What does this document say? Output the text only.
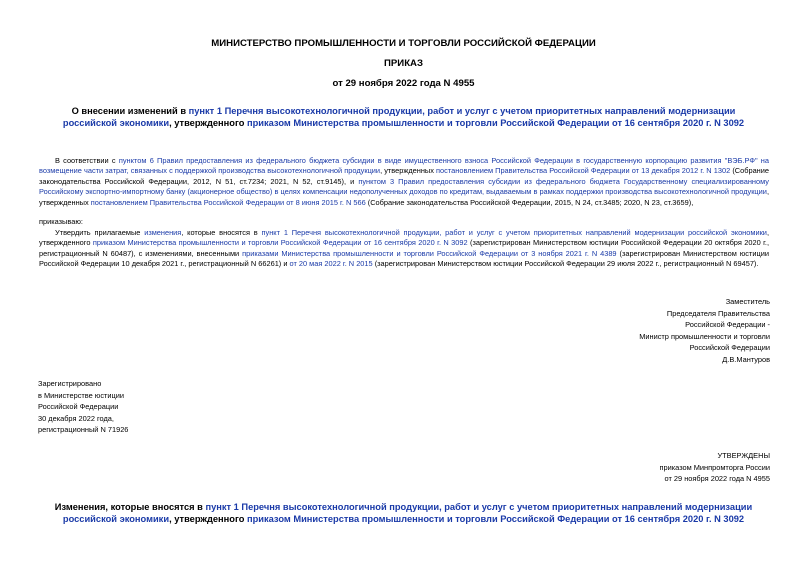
МИНИСТЕРСТВО ПРОМЫШЛЕННОСТИ И ТОРГОВЛИ РОССИЙСКОЙ ФЕДЕРАЦИИ
ПРИКАЗ
от 29 ноября 2022 года N 4955
О внесении изменений в пункт 1 Перечня высокотехнологичной продукции, работ и услуг с учетом приоритетных направлений модернизации российской экономики, утвержденного приказом Министерства промышленности и торговли Российской Федерации от 16 сентября 2020 г. N 3092
В соответствии с пунктом 6 Правил предоставления из федерального бюджета субсидии в виде имущественного взноса Российской Федерации в государственную корпорацию развития "ВЭБ.РФ" на возмещение части затрат, связанных с поддержкой производства высокотехнологичной продукции, утвержденных постановлением Правительства Российской Федерации от 13 декабря 2012 г. N 1302 (Собрание законодательства Российской Федерации, 2012, N 51, ст.7234; 2021, N 52, ст.9145), и пунктом 3 Правил предоставления субсидии из федерального бюджета Государственному специализированному Российскому экспортно-импортному банку (акционерное общество) в целях компенсации недополученных доходов по кредитам, выдаваемым в рамках поддержки производства высокотехнологичной продукции, утвержденных постановлением Правительства Российской Федерации от 8 июня 2015 г. N 566 (Собрание законодательства Российской Федерации, 2015, N 24, ст.3485; 2020, N 23, ст.3659),
приказываю:
Утвердить прилагаемые изменения, которые вносятся в пункт 1 Перечня высокотехнологичной продукции, работ и услуг с учетом приоритетных направлений модернизации российской экономики, утвержденного приказом Министерства промышленности и торговли Российской Федерации от 16 сентября 2020 г. N 3092 (зарегистрирован Министерством юстиции Российской Федерации 20 октября 2020 г., регистрационный N 60487), с изменениями, внесенными приказами Министерства промышленности и торговли Российской Федерации от 3 ноября 2021 г. N 4389 (зарегистрирован Министерством юстиции Российской Федерации 10 декабря 2021 г., регистрационный N 66261) и от 20 мая 2022 г. N 2015 (зарегистрирован Министерством юстиции Российской Федерации 29 июля 2022 г., регистрационный N 69457).
Заместитель
Председателя Правительства
Российской Федерации -
Министр промышленности и торговли
Российской Федерации
Д.В.Мантуров
Зарегистрировано
в Министерстве юстиции
Российской Федерации
30 декабря 2022 года,
регистрационный N 71926
УТВЕРЖДЕНЫ
приказом Минпромторга России
от 29 ноября 2022 года N 4955
Изменения, которые вносятся в пункт 1 Перечня высокотехнологичной продукции, работ и услуг с учетом приоритетных направлений модернизации российской экономики, утвержденного приказом Министерства промышленности и торговли Российской Федерации от 16 сентября 2020 г. N 3092
